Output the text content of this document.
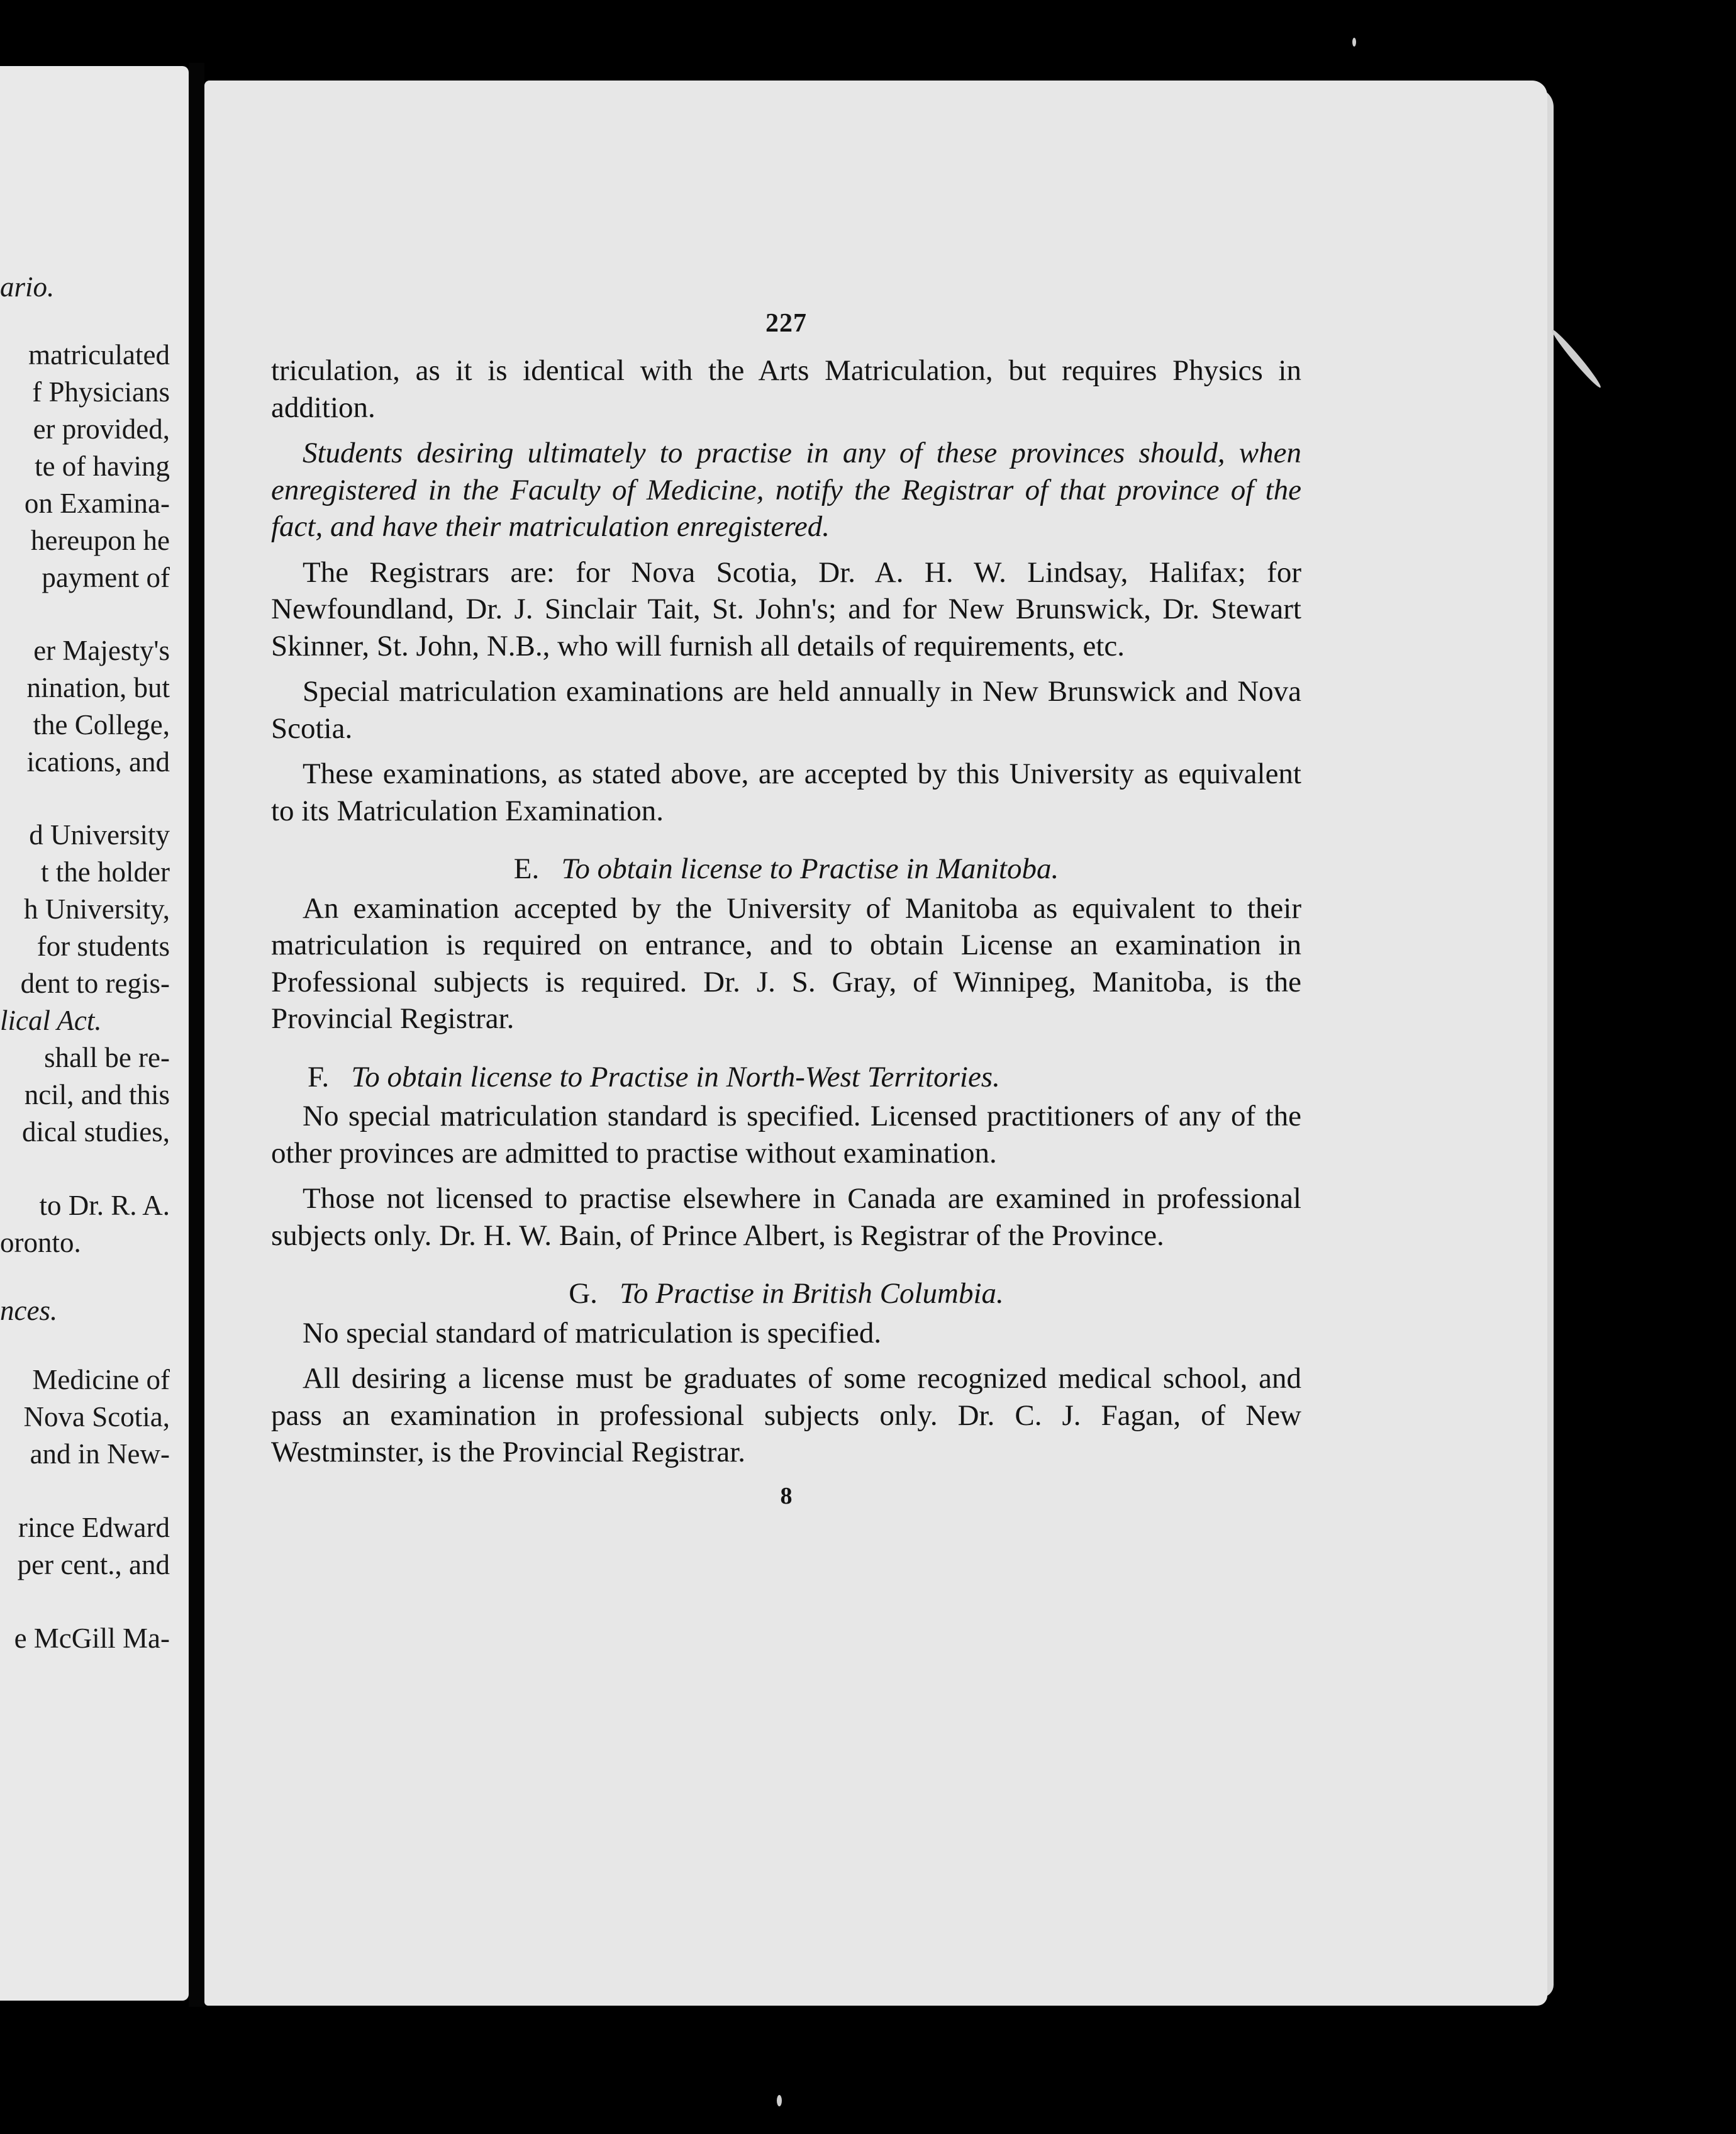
ario.
matriculated
f Physicians
er provided,
te of having
on Examina-
hereupon he
payment of
er Majesty's
nination, but
the College,
ications, and
d University
t the holder
h University,
for students
dent to regis-
lical Act.
shall be re-
ncil, and this
dical studies,
to Dr. R. A.
oronto.
nces.
Medicine of
Nova Scotia,
and in New-
rince Edward
per cent., and
e McGill Ma-
227

triculation, as it is identical with the Arts Matriculation, but requires Physics in addition.

Students desiring ultimately to practise in any of these provinces should, when enregistered in the Faculty of Medicine, notify the Registrar of that province of the fact, and have their matriculation enregistered.

The Registrars are: for Nova Scotia, Dr. A. H. W. Lindsay, Halifax; for Newfoundland, Dr. J. Sinclair Tait, St. John's; and for New Brunswick, Dr. Stewart Skinner, St. John, N.B., who will furnish all details of requirements, etc.

Special matriculation examinations are held annually in New Brunswick and Nova Scotia.

These examinations, as stated above, are accepted by this University as equivalent to its Matriculation Examination.

E. To obtain license to Practise in Manitoba.

An examination accepted by the University of Manitoba as equivalent to their matriculation is required on entrance, and to obtain License an examination in Professional subjects is required. Dr. J. S. Gray, of Winnipeg, Manitoba, is the Provincial Registrar.

F. To obtain license to Practise in North-West Territories.

No special matriculation standard is specified. Licensed practitioners of any of the other provinces are admitted to practise without examination.

Those not licensed to practise elsewhere in Canada are examined in professional subjects only. Dr. H. W. Bain, of Prince Albert, is Registrar of the Province.

G. To Practise in British Columbia.

No special standard of matriculation is specified.

All desiring a license must be graduates of some recognized medical school, and pass an examination in professional subjects only. Dr. C. J. Fagan, of New Westminster, is the Provincial Registrar.

8
